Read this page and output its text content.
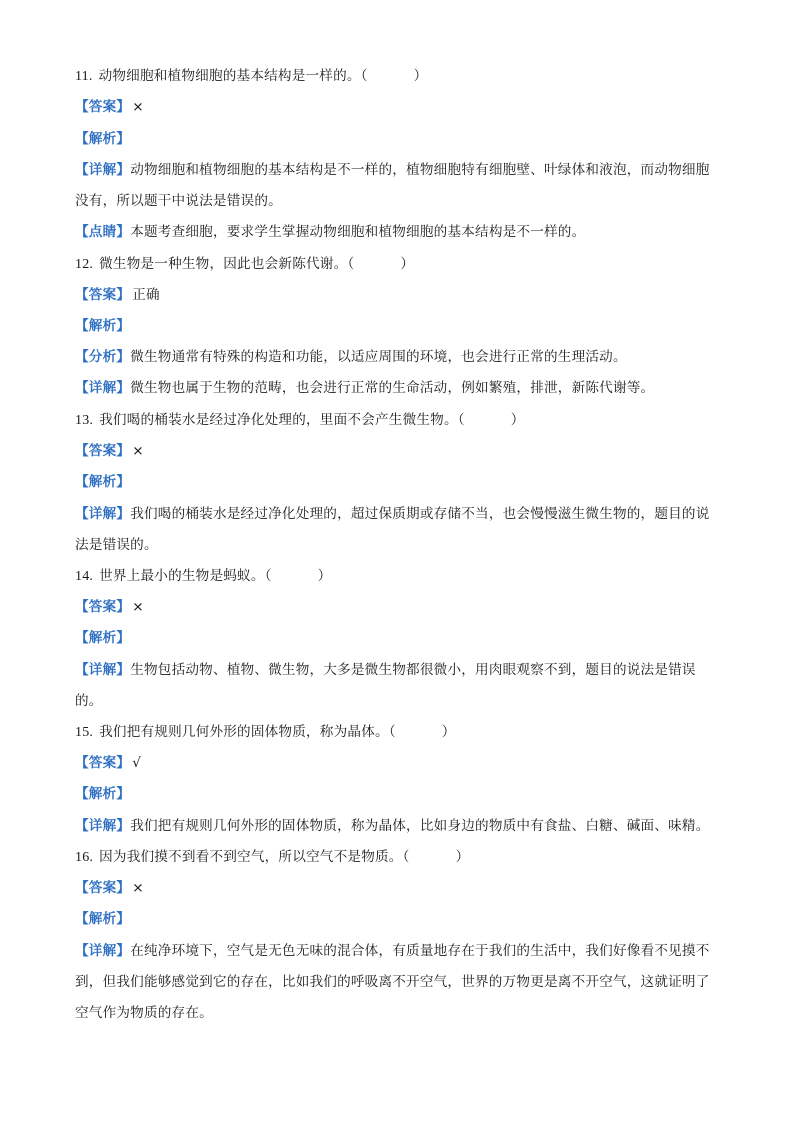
11. 动物细胞和植物细胞的基本结构是一样的。（	）
【答案】 ×
【解析】
【详解】动物细胞和植物细胞的基本结构是不一样的，植物细胞特有细胞壁、叶绿体和液泡，而动物细胞
没有，所以题干中说法是错误的。
【点睛】本题考查细胞，要求学生掌握动物细胞和植物细胞的基本结构是不一样的。
12. 微生物是一种生物，因此也会新陈代谢。（	）
【答案】 正确
【解析】
【分析】微生物通常有特殊的构造和功能，以适应周围的环境，也会进行正常的生理活动。
【详解】微生物也属于生物的范畴，也会进行正常的生命活动，例如繁殖，排泄，新陈代谢等。
13. 我们喝的桶装水是经过净化处理的，里面不会产生微生物。（	）
【答案】 ×
【解析】
【详解】我们喝的桶装水是经过净化处理的，超过保质期或存储不当，也会慢慢滋生微生物的，题目的说
法是错误的。
14. 世界上最小的生物是蚂蚁。（	）
【答案】 ×
【解析】
【详解】生物包括动物、植物、微生物，大多是微生物都很微小，用肉眼观察不到，题目的说法是错误
的。
15. 我们把有规则几何外形的固体物质，称为晶体。（	）
【答案】 √
【解析】
【详解】我们把有规则几何外形的固体物质，称为晶体，比如身边的物质中有食盐、白糖、碱面、味精。
16. 因为我们摸不到看不到空气，所以空气不是物质。（	）
【答案】 ×
【解析】
【详解】在纯净环境下，空气是无色无味的混合体，有质量地存在于我们的生活中，我们好像看不见摸不
到，但我们能够感觉到它的存在，比如我们的呼吸离不开空气，世界的万物更是离不开空气，这就证明了
空气作为物质的存在。
